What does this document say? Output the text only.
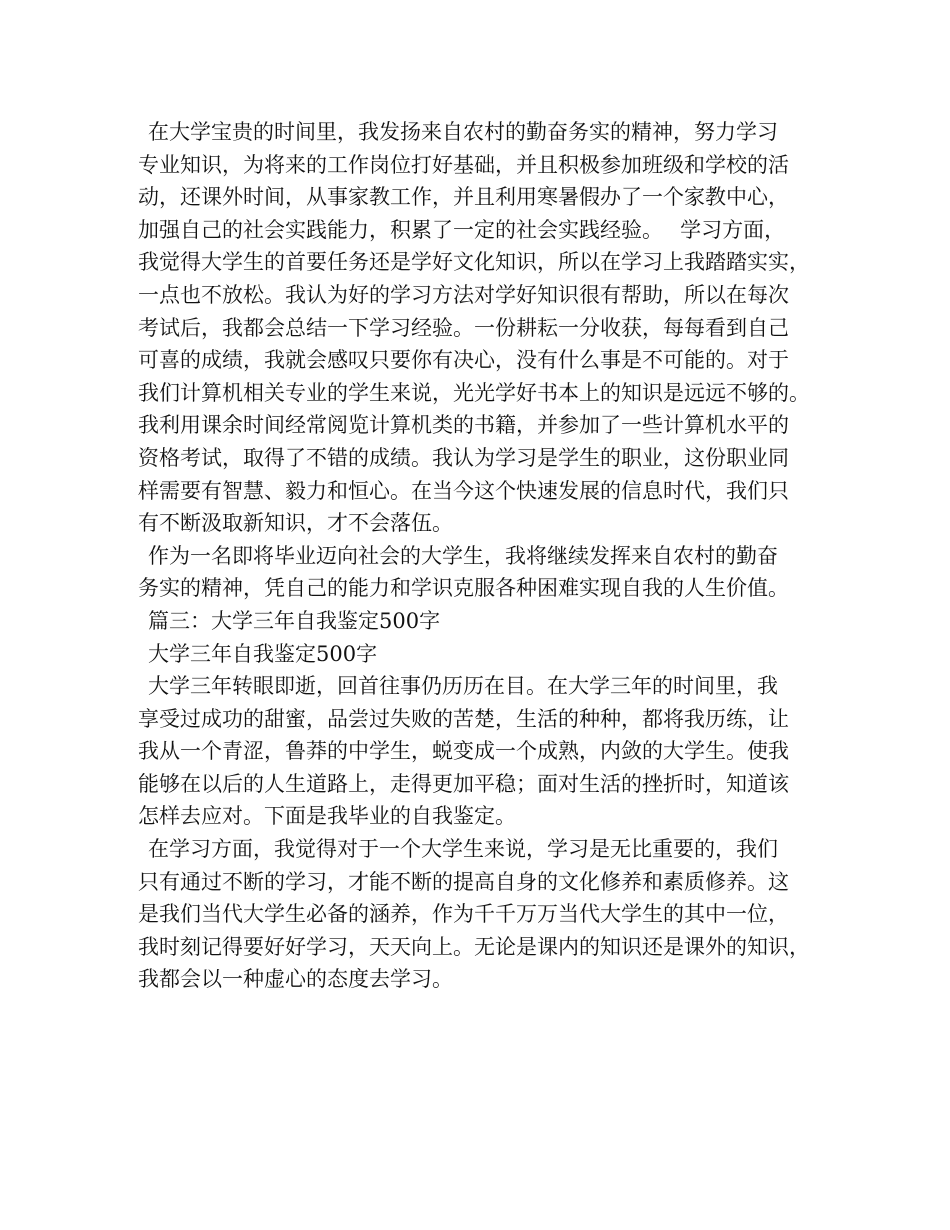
在大学宝贵的时间里，我发扬来自农村的勤奋务实的精神，努力学习
专业知识，为将来的工作岗位打好基础，并且积极参加班级和学校的活
动，还课外时间，从事家教工作，并且利用寒暑假办了一个家教中心，
加强自己的社会实践能力，积累了一定的社会实践经验。　 学习方面，
我觉得大学生的首要任务还是学好文化知识，所以在学习上我踏踏实实，
一点也不放松。我认为好的学习方法对学好知识很有帮助，所以在每次
考试后，我都会总结一下学习经验。一份耕耘一分收获，每每看到自己
可喜的成绩，我就会感叹只要你有决心，没有什么事是不可能的。对于
我们计算机相关专业的学生来说，光光学好书本上的知识是远远不够的。
我利用课余时间经常阅览计算机类的书籍，并参加了一些计算机水平的
资格考试，取得了不错的成绩。我认为学习是学生的职业，这份职业同
样需要有智慧、毅力和恒心。在当今这个快速发展的信息时代，我们只
有不断汲取新知识，才不会落伍。
作为一名即将毕业迈向社会的大学生，我将继续发挥来自农村的勤奋
务实的精神，凭自己的能力和学识克服各种困难实现自我的人生价值。
篇三：大学三年自我鉴定500字
大学三年自我鉴定500字
大学三年转眼即逝，回首往事仍历历在目。在大学三年的时间里，我
享受过成功的甜蜜，品尝过失败的苦楚，生活的种种，都将我历练，让
我从一个青涩，鲁莽的中学生，蜕变成一个成熟，内敛的大学生。使我
能够在以后的人生道路上，走得更加平稳；面对生活的挫折时，知道该
怎样去应对。下面是我毕业的自我鉴定。
在学习方面，我觉得对于一个大学生来说，学习是无比重要的，我们
只有通过不断的学习，才能不断的提高自身的文化修养和素质修养。这
是我们当代大学生必备的涵养，作为千千万万当代大学生的其中一位，
我时刻记得要好好学习，天天向上。无论是课内的知识还是课外的知识，
我都会以一种虚心的态度去学习。
